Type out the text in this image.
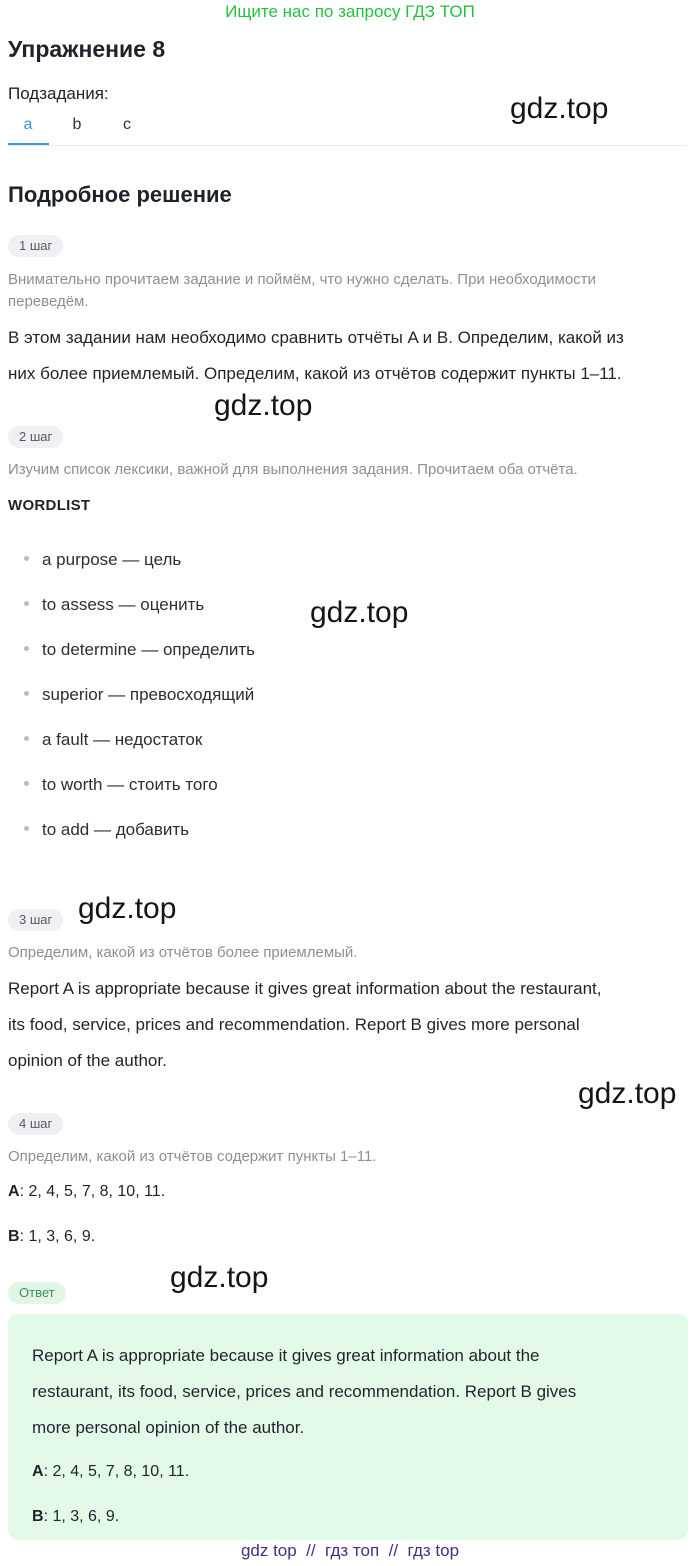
Ищите нас по запросу ГДЗ ТОП
Упражнение 8
Подзадания:
a	b	c
Подробное решение
1 шаг
Внимательно прочитаем задание и поймём, что нужно сделать. При необходимости переведём.
В этом задании нам необходимо сравнить отчёты A и B. Определим, какой из
них более приемлемый. Определим, какой из отчётов содержит пункты 1–11.
2 шаг
Изучим список лексики, важной для выполнения задания. Прочитаем оба отчёта.
WORDLIST
a purpose — цель
to assess — оценить
to determine — определить
superior — превосходящий
a fault — недостаток
to worth — стоить того
to add — добавить
3 шаг
Определим, какой из отчётов более приемлемый.
Report A is appropriate because it gives great information about the restaurant,
its food, service, prices and recommendation. Report B gives more personal
opinion of the author.
4 шаг
Определим, какой из отчётов содержит пункты 1–11.
A: 2, 4, 5, 7, 8, 10, 11.
B: 1, 3, 6, 9.
Ответ
Report A is appropriate because it gives great information about the
restaurant, its food, service, prices and recommendation. Report B gives
more personal opinion of the author.
A: 2, 4, 5, 7, 8, 10, 11.
B: 1, 3, 6, 9.
gdz.top
gdz.top
gdz.top
gdz.top
gdz.top
gdz.top
gdz top  //  гдз топ  //  гдз top
